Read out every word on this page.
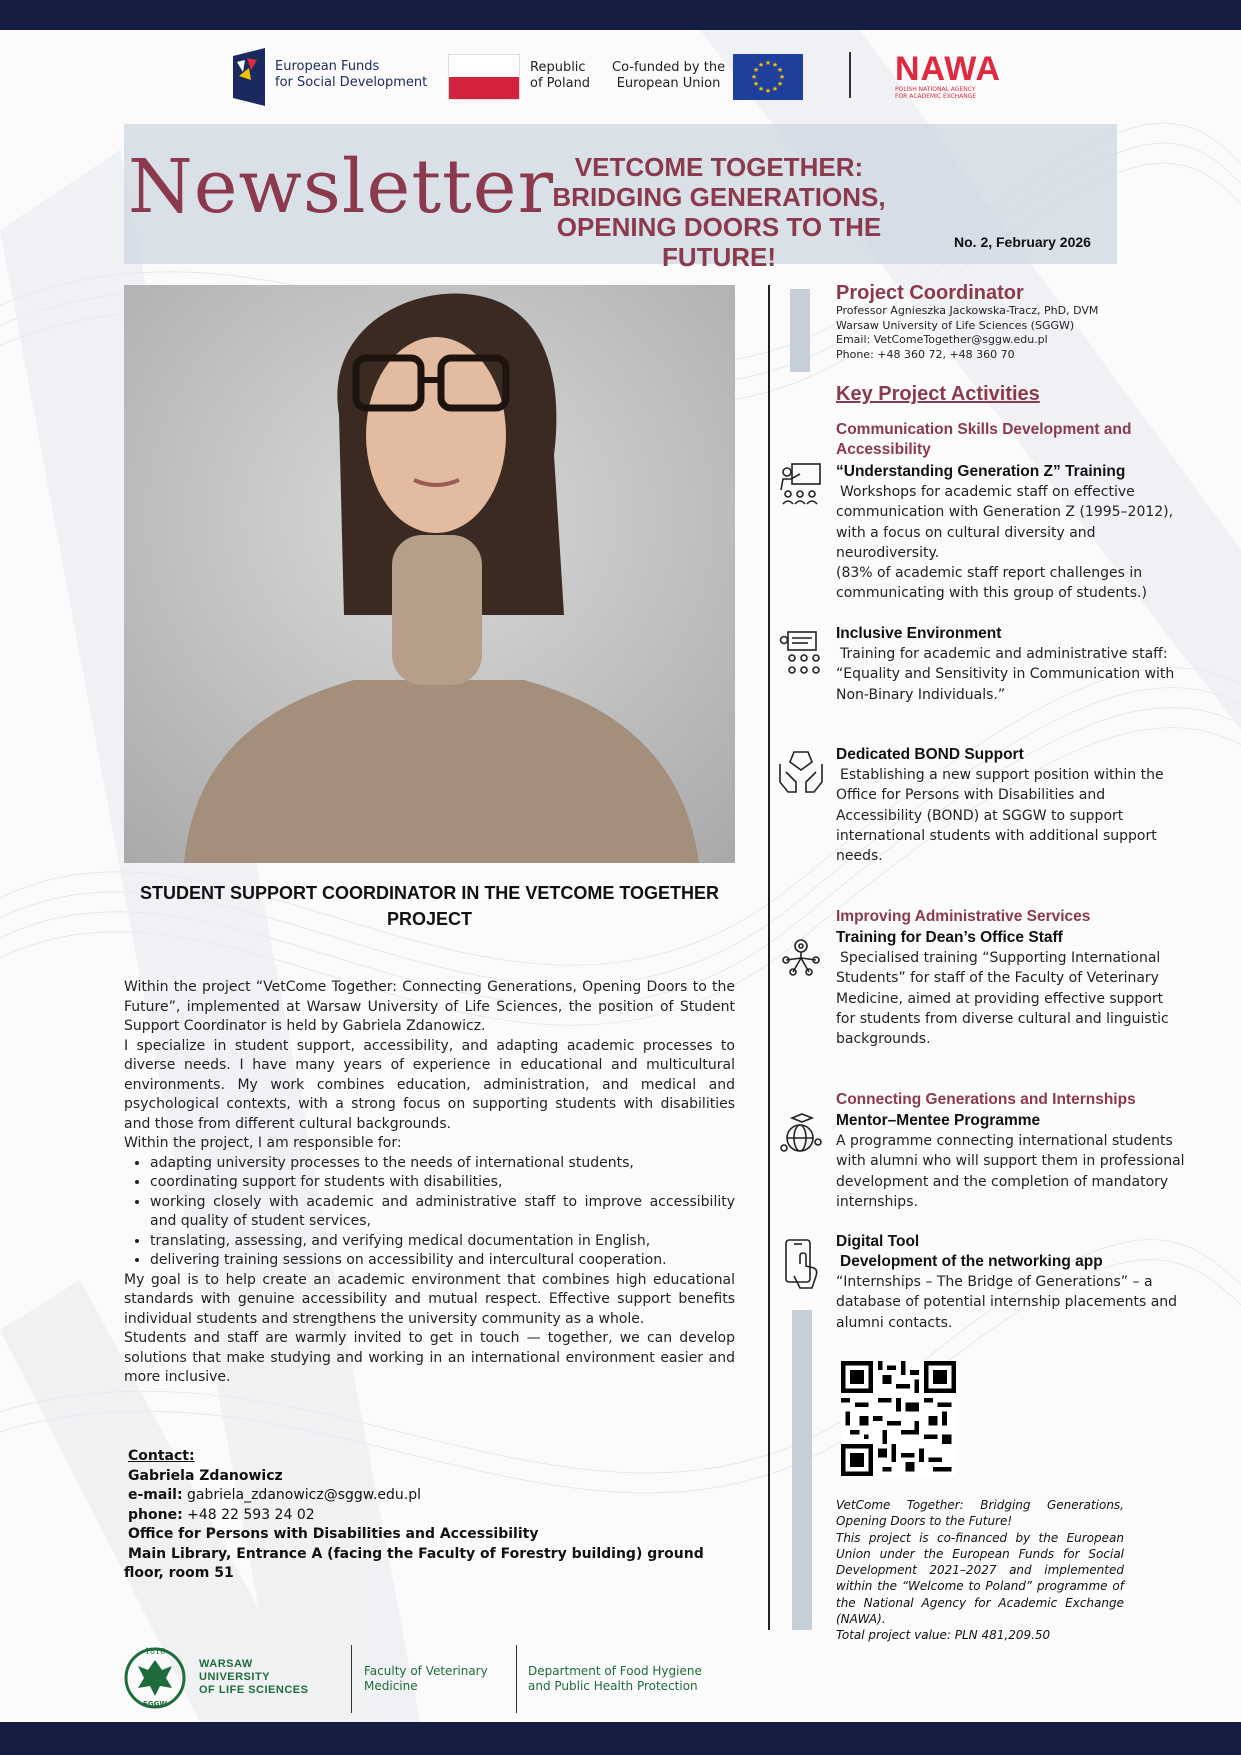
European Funds
for Social Development
Republic
of Poland
Co-funded by the
European Union
★ ★
★
★
★
★
★
★
★
★
★
★	NAWA
POLISH NATIONAL AGENCY
FOR ACADEMIC EXCHANGE
Newsletter VETCOME TOGETHER: BRIDGING GENERATIONS, OPENING DOORS TO THE FUTURE!	No. 2, February 2026
STUDENT SUPPORT COORDINATOR IN THE VETCOME TOGETHER PROJECT

Within the project “VetCome Together: Connecting Generations, Opening Doors to the Future”, implemented at Warsaw University of Life Sciences, the position of Student Support Coordinator is held by Gabriela Zdanowicz.

I specialize in student support, accessibility, and adapting academic processes to diverse needs. I have many years of experience in educational and multicultural environments. My work combines education, administration, and medical and psychological contexts, with a strong focus on supporting students with disabilities and those from different cultural backgrounds.

Within the project, I am responsible for:

• adapting university processes to the needs of international students,
• coordinating support for students with disabilities,
• working closely with academic and administrative staff to improve accessibility and quality of student services,
• translating, assessing, and verifying medical documentation in English,
• delivering training sessions on accessibility and intercultural cooperation.

My goal is to help create an academic environment that combines high educational standards with genuine accessibility and mutual respect. Effective support benefits individual students and strengthens the university community as a whole.

Students and staff are warmly invited to get in touch — together, we can develop solutions that make studying and working in an international environment easier and more inclusive.

Contact:
Gabriela Zdanowicz
e-mail: gabriela_zdanowicz@sggw.edu.pl
phone: +48 22 593 24 02
Office for Persons with Disabilities and Accessibility
Main Library, Entrance A (facing the Faculty of Forestry building) ground floor, room 51
Project Coordinator
Professor Agnieszka Jackowska-Tracz, PhD, DVM
Warsaw University of Life Sciences (SGGW)
Email: VetComeTogether@sggw.edu.pl
Phone: +48 360 72, +48 360 70
Key Project Activities
Communication Skills Development and Accessibility
“Understanding Generation Z” Training
Workshops for academic staff on effective communication with Generation Z (1995–2012), with a focus on cultural diversity and neurodiversity.
(83% of academic staff report challenges in communicating with this group of students.)
Inclusive Environment
Training for academic and administrative staff: “Equality and Sensitivity in Communication with Non-Binary Individuals.”
Dedicated BOND Support
Establishing a new support position within the Office for Persons with Disabilities and Accessibility (BOND) at SGGW to support international students with additional support needs.
Improving Administrative Services
Training for Dean’s Office Staff
Specialised training “Supporting International Students” for staff of the Faculty of Veterinary Medicine, aimed at providing effective support for students from diverse cultural and linguistic backgrounds.
Connecting Generations and Internships
Mentor–Mentee Programme
A programme connecting international students with alumni who will support them in professional development and the completion of mandatory internships.
Digital Tool
Development of the networking app
“Internships – The Bridge of Generations” – a database of potential internship placements and alumni contacts.

VetCome Together: Bridging Generations, Opening Doors to the Future!

This project is co-financed by the European Union under the European Funds for Social Development 2021–2027 and implemented within the “Welcome to Poland” programme of the National Agency for Academic Exchange (NAWA).

Total project value: PLN 481,209.50

1816
SGGW
WARSAW
UNIVERSITY
OF LIFE SCIENCES
Faculty of Veterinary
Medicine
Department of Food Hygiene
and Public Health Protection
